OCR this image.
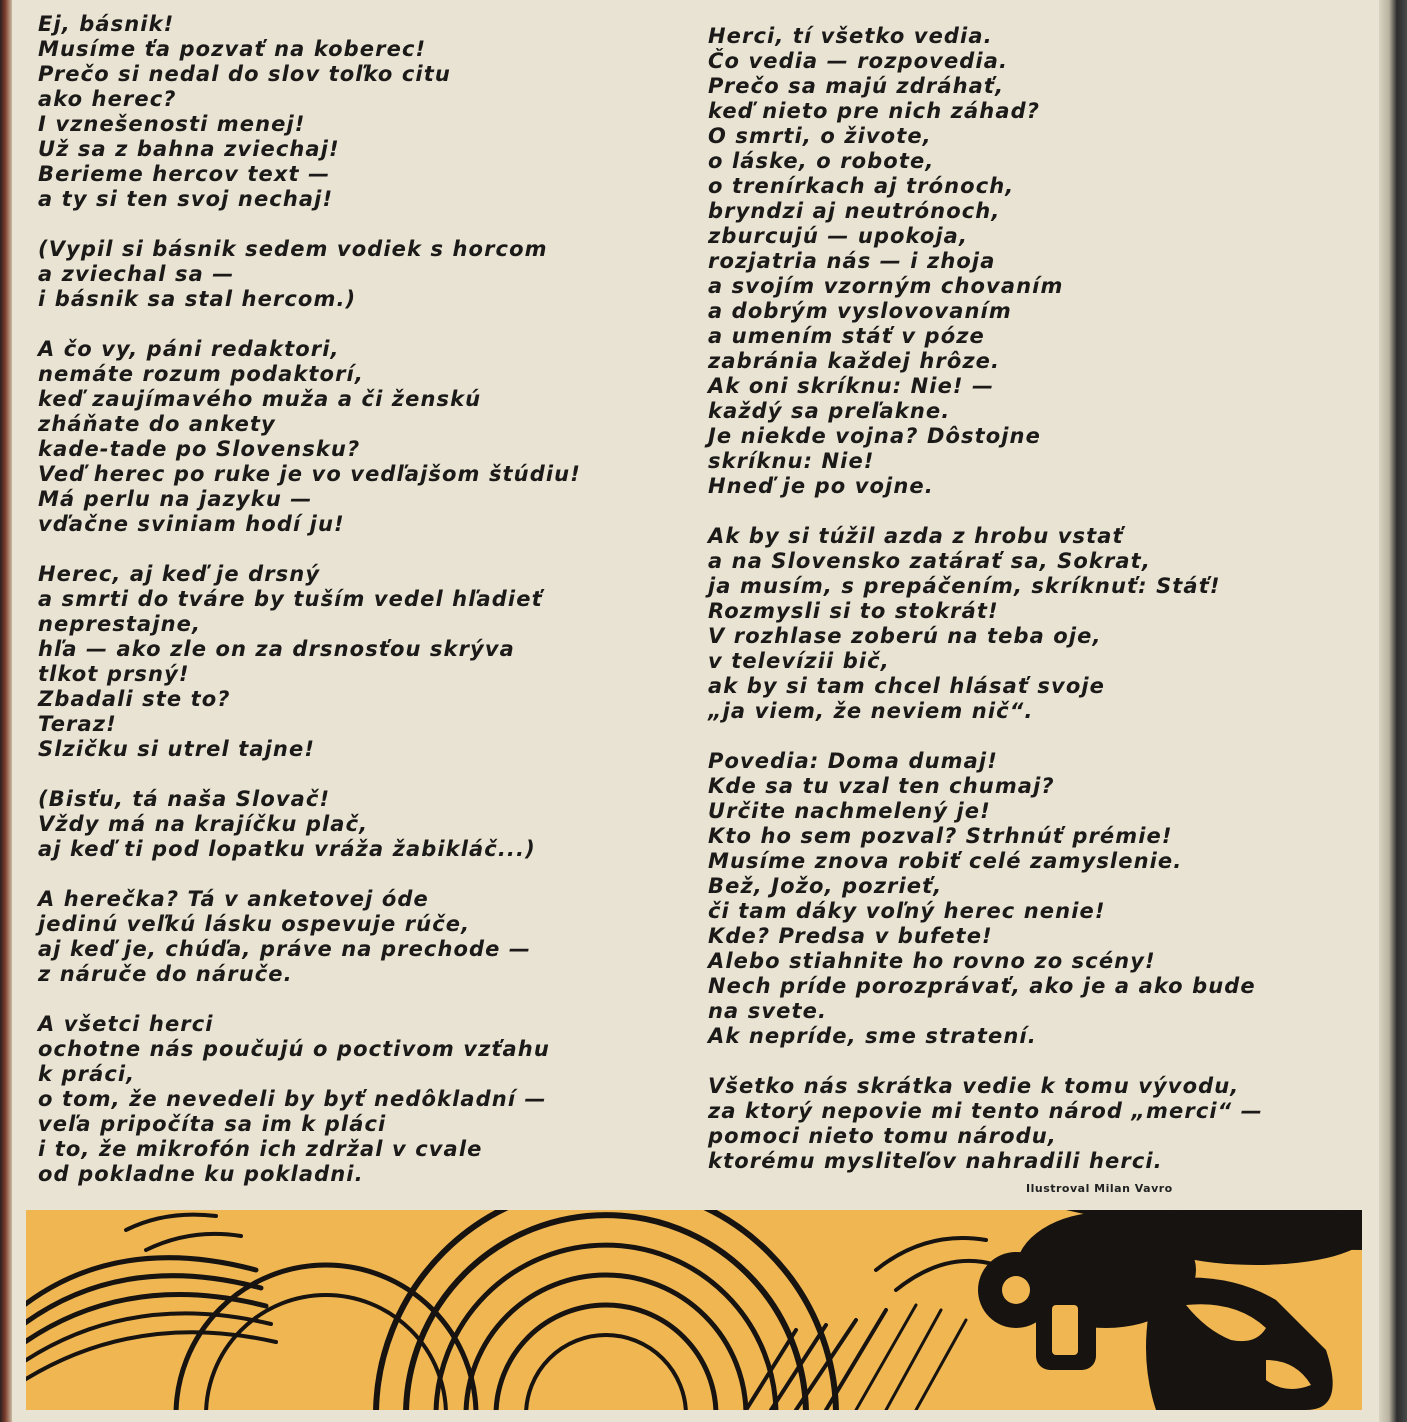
Ej, básnik!
Musíme ťa pozvať na koberec!
Prečo si nedal do slov toľko citu
ako herec?
I vznešenosti menej!
Už sa z bahna zviechaj!
Berieme hercov text —
a ty si ten svoj nechaj!
(Vypil si básnik sedem vodiek s horcom
a zviechal sa —
i básnik sa stal hercom.)
A čo vy, páni redaktori,
nemáte rozum podaktorí,
keď zaujímavého muža a či ženskú
zháňate do ankety
kade-tade po Slovensku?
Veď herec po ruke je vo vedľajšom štúdiu!
Má perlu na jazyku —
vďačne sviniam hodí ju!
Herec, aj keď je drsný
a smrti do tváre by tuším vedel hľadieť
neprestajne,
hľa — ako zle on za drsnosťou skrýva
tlkot prsný!
Zbadali ste to?
Teraz!
Slzičku si utrel tajne!
(Bisťu, tá naša Slovač!
Vždy má na krajíčku plač,
aj keď ti pod lopatku vráža žabikláč...)
A herečka? Tá v anketovej óde
jedinú veľkú lásku ospevuje rúče,
aj keď je, chúďa, práve na prechode —
z náruče do náruče.
A všetci herci
ochotne nás poučujú o poctivom vzťahu
k práci,
o tom, že nevedeli by byť nedôkladní —
veľa pripočíta sa im k pláci
i to, že mikrofón ich zdržal v cvale
od pokladne ku pokladni.
Herci, tí všetko vedia.
Čo vedia — rozpovedia.
Prečo sa majú zdráhať,
keď nieto pre nich záhad?
O smrti, o živote,
o láske, o robote,
o trenírkach aj trónoch,
bryndzi aj neutrónoch,
zburcujú — upokoja,
rozjatria nás — i zhoja
a svojím vzorným chovaním
a dobrým vyslovovaním
a umením stáť v póze
zabránia každej hrôze.
Ak oni skríknu: Nie! —
každý sa preľakne.
Je niekde vojna? Dôstojne
skríknu: Nie!
Hneď je po vojne.
Ak by si túžil azda z hrobu vstať
a na Slovensko zatárať sa, Sokrat,
ja musím, s prepáčením, skríknuť: Stáť!
Rozmysli si to stokrát!
V rozhlase zoberú na teba oje,
v televízii bič,
ak by si tam chcel hlásať svoje
„ja viem, že neviem nič“.
Povedia: Doma dumaj!
Kde sa tu vzal ten chumaj?
Určite nachmelený je!
Kto ho sem pozval? Strhnúť prémie!
Musíme znova robiť celé zamyslenie.
Bež, Jožo, pozrieť,
či tam dáky voľný herec nenie!
Kde? Predsa v bufete!
Alebo stiahnite ho rovno zo scény!
Nech príde porozprávať, ako je a ako bude
na svete.
Ak nepríde, sme stratení.
Všetko nás skrátka vedie k tomu vývodu,
za ktorý nepovie mi tento národ „merci“ —
pomoci nieto tomu národu,
ktorému mysliteľov nahradili herci.
Ilustroval Milan Vavro
